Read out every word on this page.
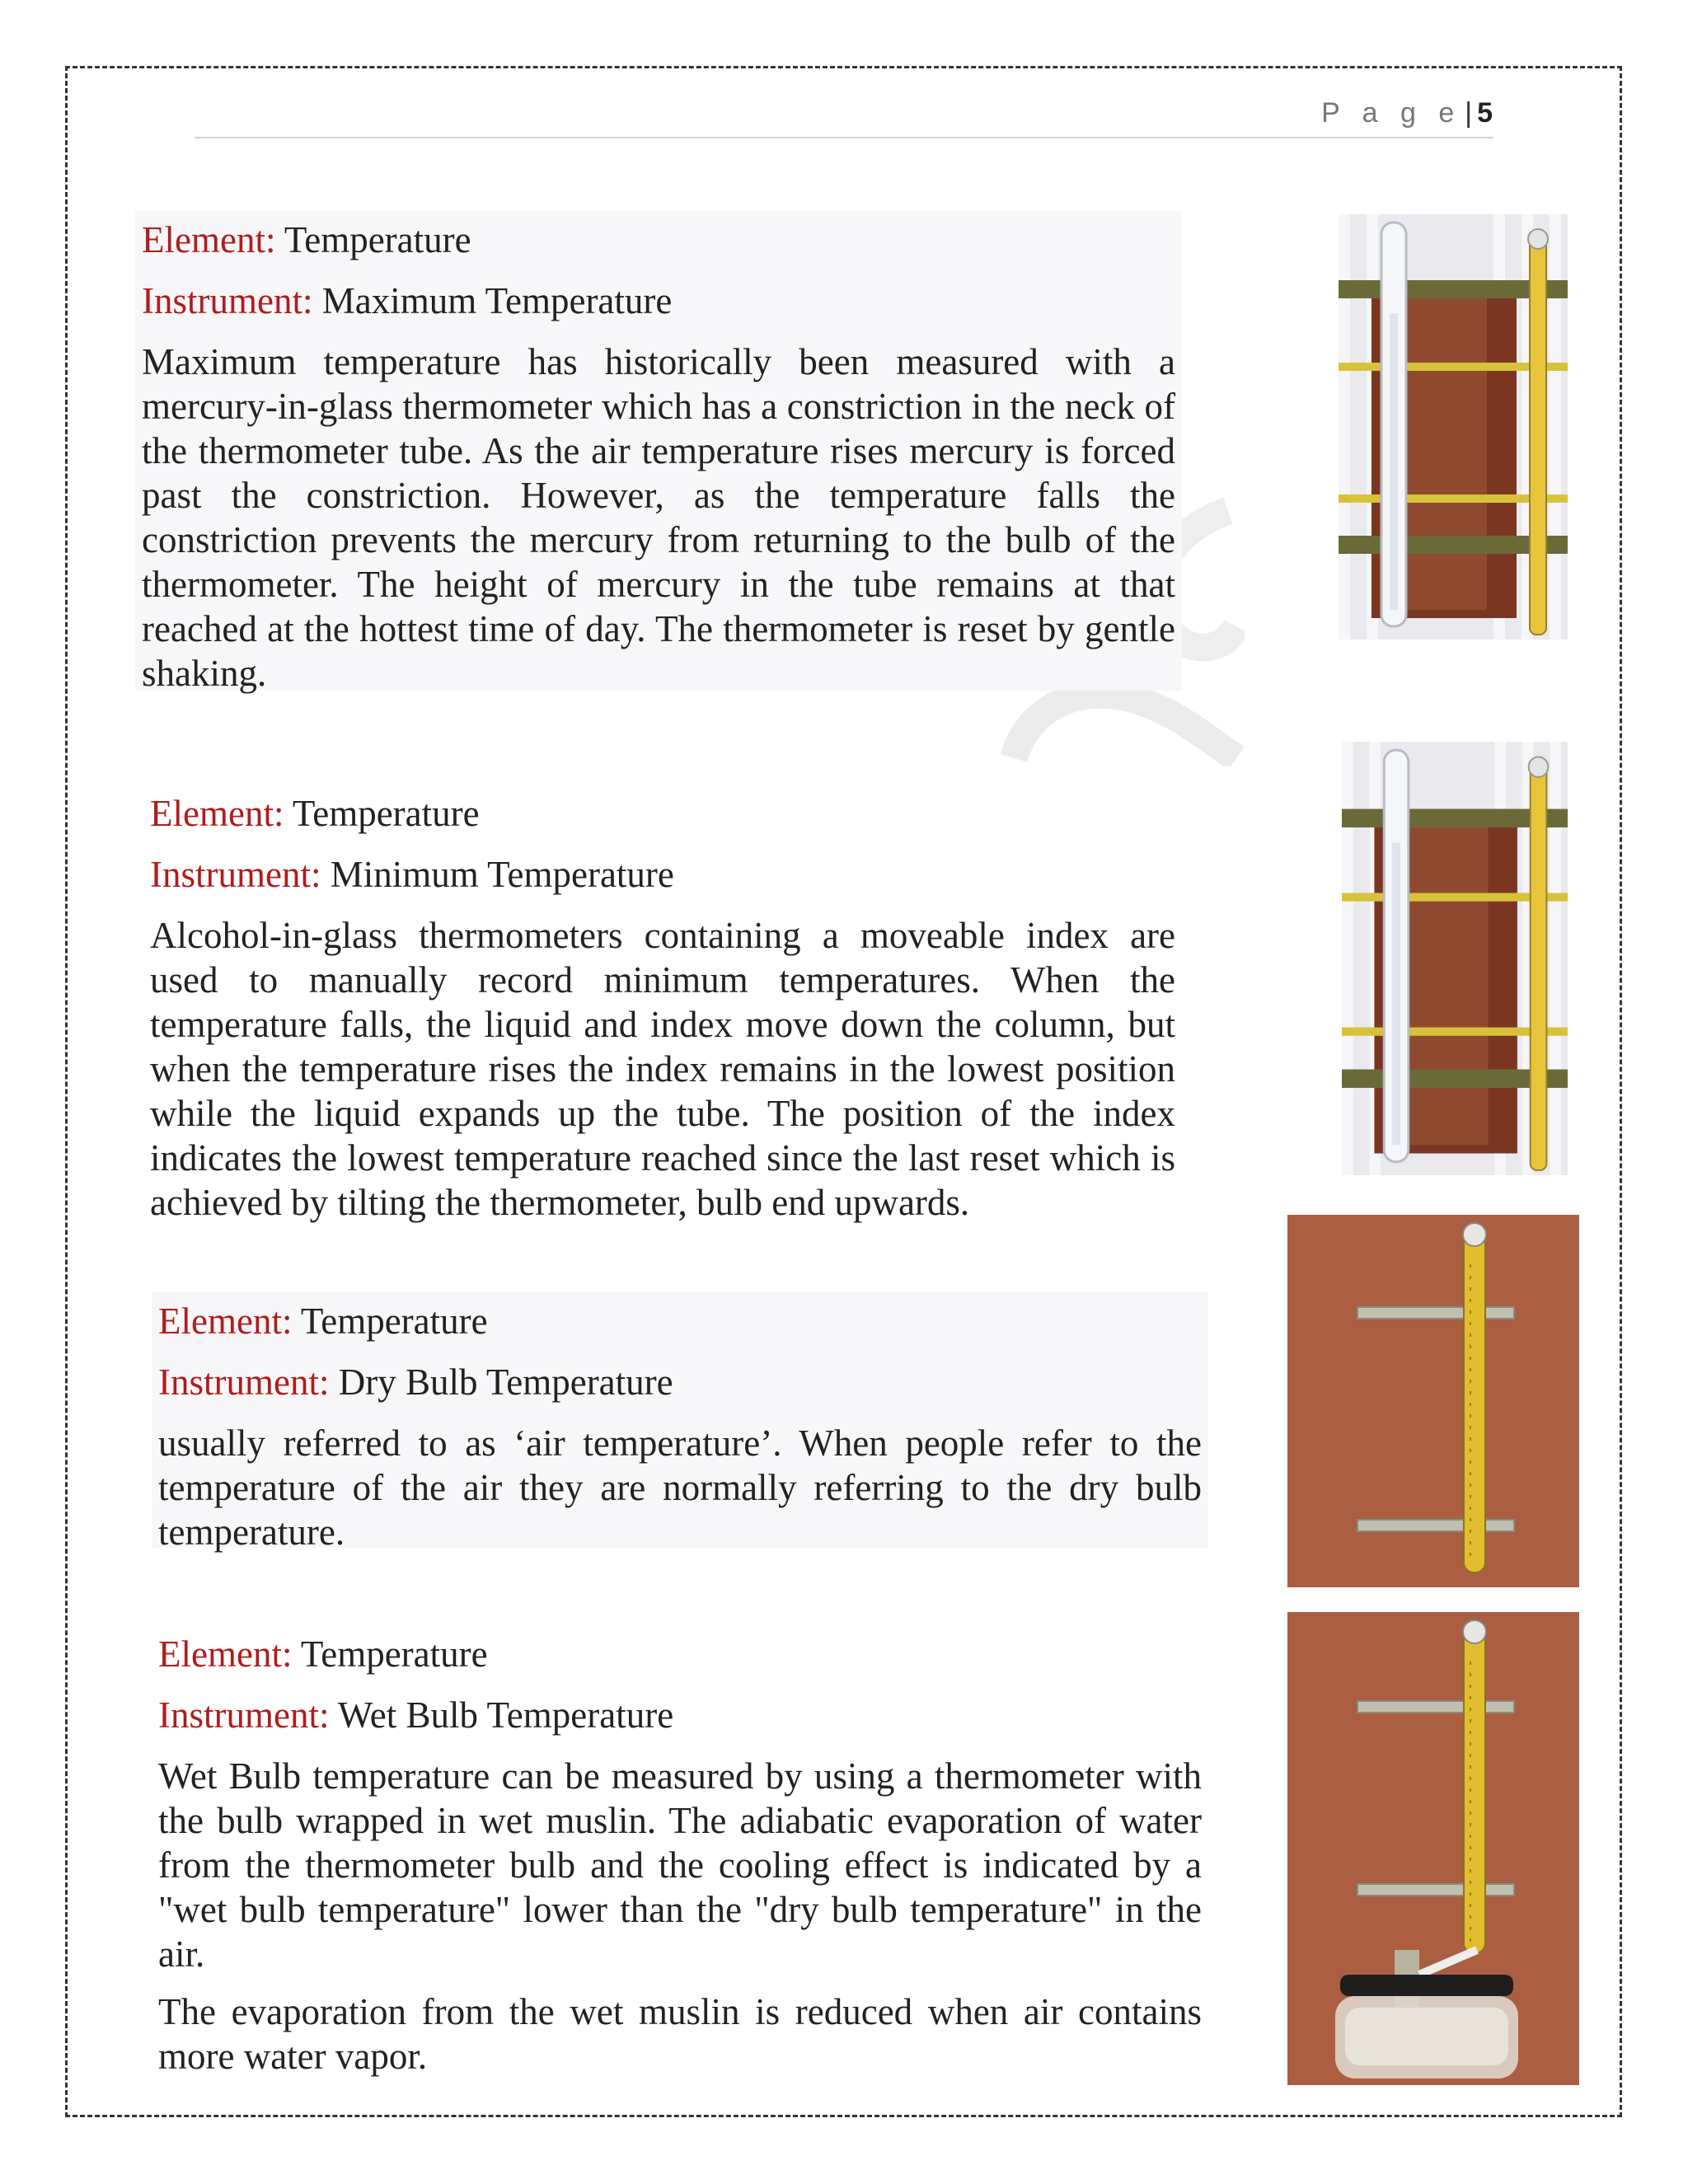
P a g e | 5
Element: Temperature
Instrument: Maximum Temperature
Maximum temperature has historically been measured with a mercury-in-glass thermometer which has a constriction in the neck of the thermometer tube. As the air temperature rises mercury is forced past the constriction. However, as the temperature falls the constriction prevents the mercury from returning to the bulb of the thermometer. The height of mercury in the tube remains at that reached at the hottest time of day. The thermometer is reset by gentle shaking.
Element: Temperature
Instrument: Minimum Temperature
Alcohol-in-glass thermometers containing a moveable index are used to manually record minimum temperatures. When the temperature falls, the liquid and index move down the column, but when the temperature rises the index remains in the lowest position while the liquid expands up the tube. The position of the index indicates the lowest temperature reached since the last reset which is achieved by tilting the thermometer, bulb end upwards.
Element: Temperature
Instrument: Dry Bulb Temperature
usually referred to as ‘air temperature’. When people refer to the temperature of the air they are normally referring to the dry bulb temperature.
Element: Temperature
Instrument: Wet Bulb Temperature
Wet Bulb temperature can be measured by using a thermometer with the bulb wrapped in wet muslin. The adiabatic evaporation of water from the thermometer bulb and the cooling effect is indicated by a "wet bulb temperature" lower than the "dry bulb temperature" in the air.
The evaporation from the wet muslin is reduced when air contains more water vapor.
